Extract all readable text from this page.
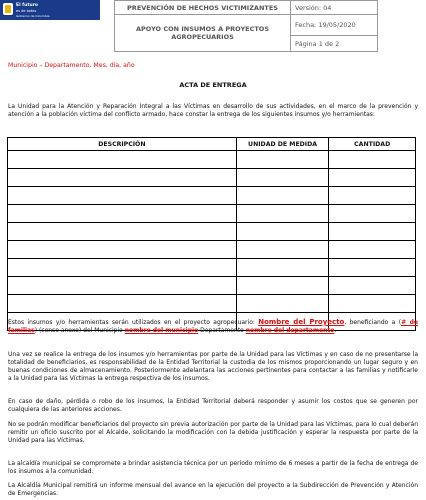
El futuro
es de todos
Gobierno de Colombia
PREVENCIÓN DE HECHOS VICTIMIZANTES	Versión: 04
APOYO CON INSUMOS A PROYECTOS
AGROPECUARIOS	Fecha: 19/05/2020
	Página 1 de 2
Municipio – Departamento, Mes, día, año
ACTA DE ENTREGA

La Unidad para la Atención y Reparación Integral a las Víctimas en desarrollo de sus actividades, en el marco de la prevención y atención a la población víctima del conflicto armado, hace constar la entrega de los siguientes insumos y/o herramientas:

DESCRIPCIÓN	UNIDAD DE MEDIDA	CANTIDAD

Estos insumos y/o herramientas serán utilizados en el proyecto agropecuario: Nombre del Proyecto, beneficiando a (# de familias) (censo anexo) del Municipio nombre del municipio Departamento nombre del departamento.

Una vez se realice la entrega de los insumos y/o herramientas por parte de la Unidad para las Víctimas y en caso de no presentarse la totalidad de beneficiarios, es responsabilidad de la Entidad Territorial la custodia de los mismos proporcionando un lugar seguro y en buenas condiciones de almacenamiento. Posteriormente adelantara las acciones pertinentes para contactar a las familias y notificarle a la Unidad para las Víctimas la entrega respectiva de los insumos.

En caso de daño, pérdida o robo de los insumos, la Entidad Territorial deberá responder y asumir los costos que se generen por cualquiera de las anteriores acciones.

No se podrán modificar beneficiarios del proyecto sin previa autorización por parte de la Unidad para las Víctimas, para lo cual deberán remitir un oficio suscrito por el Alcalde, solicitando la modificación con la debida justificación y esperar la respuesta por parte de la Unidad para las Víctimas.

La alcaldía municipal se compromete a brindar asistencia técnica por un período mínimo de 6 meses a partir de la fecha de entrega de los insumos a la comunidad.

La Alcaldía Municipal remitirá un informe mensual del avance en la ejecución del proyecto a la Subdirección de Prevención y Atención de Emergencias.
